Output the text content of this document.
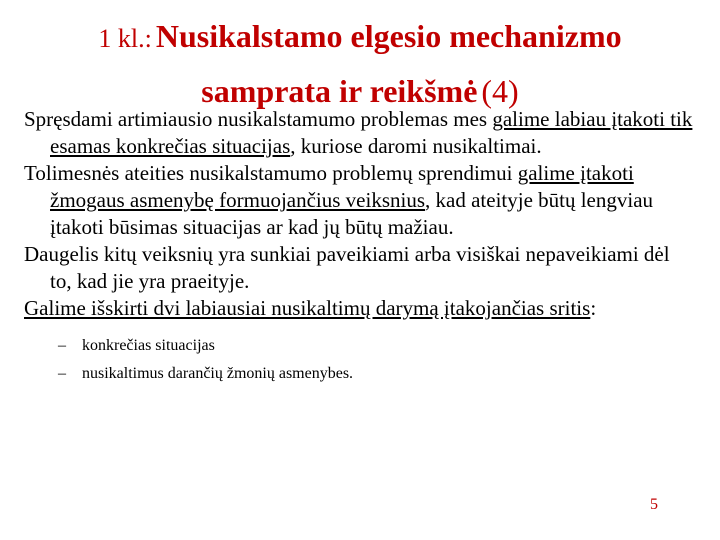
1 kl.: Nusikalstamo elgesio mechanizmo
samprata ir reikšmė (4)

Spręsdami artimiausio nusikalstamumo problemas mes galime labiau įtakoti tik esamas konkrečias situacijas, kuriose daromi nusikaltimai.

Tolimesnės ateities nusikalstamumo problemų sprendimui galime įtakoti žmogaus asmenybę formuojančius veiksnius, kad ateityje būtų lengviau įtakoti būsimas situacijas ar kad jų būtų mažiau.

Daugelis kitų veiksnių yra sunkiai paveikiami arba visiškai nepaveikiami dėl to, kad jie yra praeityje.

Galime išskirti dvi labiausiai nusikaltimų darymą įtakojančias sritis:

–	konkrečias situacijas
–	nusikaltimus darančių žmonių asmenybes.
5
